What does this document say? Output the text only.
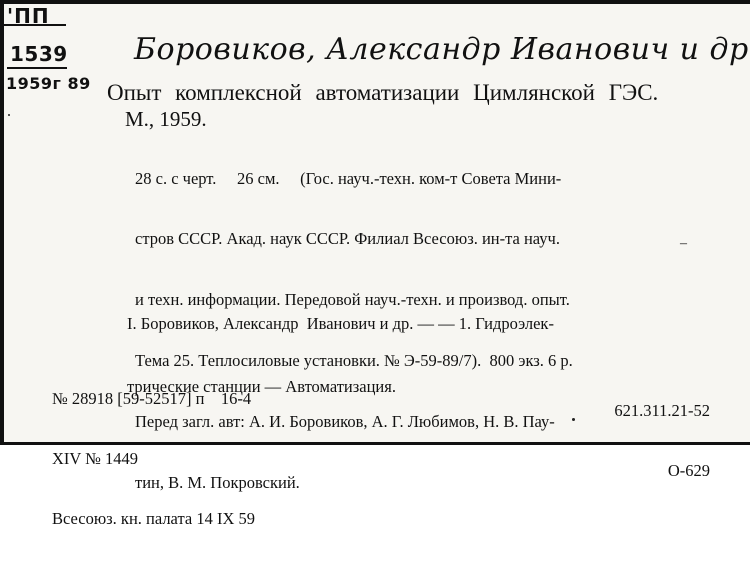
'ПП
1539
1959г 89
Боровиков, Александр Иванович и др
Опыт комплексной автоматизации Цимлянской ГЭС.
М., 1959.

28 с. с черт.     26 см.     (Гос. науч.-техн. ком-т Совета Мини-

стров СССР. Акад. наук СССР. Филиал Всесоюз. ин-та науч.

и техн. информации. Передовой науч.-техн. и производ. опыт.

Тема 25. Теплосиловые установки. № Э-59-89/7).  800 экз. 6 р.

Перед загл. авт: А. И. Боровиков, А. Г. Любимов, Н. В. Пау-

тин, В. М. Покровский.

–

I. Боровиков, Александр  Иванович и др. — — 1. Гидроэлек-

трические станции — Автоматизация.

№ 28918 [59-52517] п    16-4

XIV № 1449

Всесоюз. кн. палата 14 IX 59

621.311.21-52

О-629
